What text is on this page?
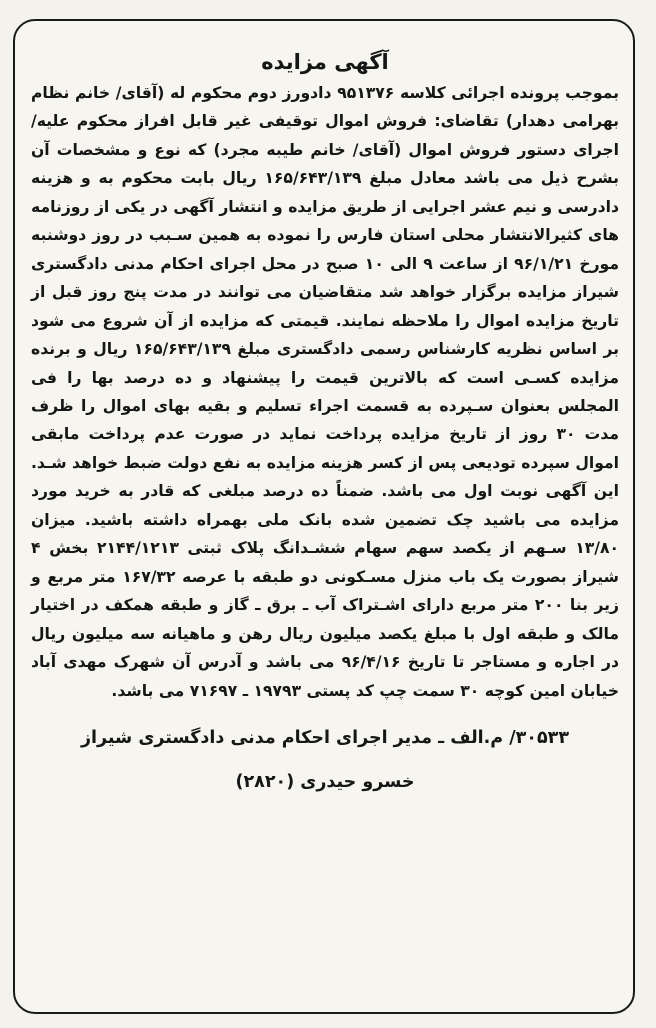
آگهی مزایده

بموجب پرونده اجرائی کلاسه ۹۵۱۳۷۶ دادورز دوم محکوم له (آقای/ خانم نظام بهرامی دهدار) تقاضای: فروش اموال توقیفی غیر قابل افراز محکوم علیه/ اجرای دستور فروش اموال (آقای/ خانم طیبه مجرد) که نوع و مشخصات آن بشرح ذیل می باشد معادل مبلغ ۱۶۵/۶۴۳/۱۳۹ ریال بابت محکوم به و هزینه دادرسی و نیم عشر اجرایی از طریق مزایده و انتشار آگهی در یکی از روزنامه های کثیرالانتشار محلی استان فارس را نموده به همین سـبب در روز دوشنبه مورخ ۹۶/۱/۲۱ از ساعت ۹ الی ۱۰ صبح در محل اجرای احکام مدنی دادگستری شیراز مزایده برگزار خواهد شد متقاضیان می توانند در مدت پنج روز قبل از تاریخ مزایده اموال را ملاحظه نمایند. قیمتی که مزایده از آن شروع می شود بر اساس نظریه کارشناس رسمی دادگستری مبلغ ۱۶۵/۶۴۳/۱۳۹ ریال و برنده مزایده کسـی است که بالاترین قیمت را پیشنهاد و ده درصد بها را فی المجلس بعنوان سـپرده به قسمت اجراء تسلیم و بقیه بهای اموال را ظرف مدت ۳۰ روز از تاریخ مزایده پرداخت نماید در صورت عدم پرداخت مابقی اموال سپرده تودیعی پس از کسر هزینه مزایده به نفع دولت ضبط خواهد شـد. این آگهی نوبت اول می باشد. ضمناً ده درصد مبلغی که قادر به خرید مورد مزایده می باشید چک تضمین شده بانک ملی بهمراه داشته باشید. میزان ۱۳/۸۰ سـهم از یکصد سهم سهام ششـدانگ پلاک ثبتی ۲۱۴۴/۱۲۱۳ بخش ۴ شیراز بصورت یک باب منزل مسـکونی دو طبقه با عرصه ۱۶۷/۳۲ متر مربع و زیر بنا ۲۰۰ متر مربع دارای اشـتراک آب ـ برق ـ گاز و طبقه همکف در اختیار مالک و طبقه اول با مبلغ یکصد میلیون ریال رهن و ماهیانه سه میلیون ریال در اجاره و مستاجر تا تاریخ ۹۶/۴/۱۶ می باشد و آدرس آن شهرک مهدی آباد خیابان امین کوچه ۳۰ سمت چپ کد پستی ۱۹۷۹۳ ـ ۷۱۶۹۷ می باشد.

۳۰۵۳۳/ م.الف ـ مدیر اجرای احکام مدنی دادگستری شیراز
خسرو حیدری (۲۸۲۰)
